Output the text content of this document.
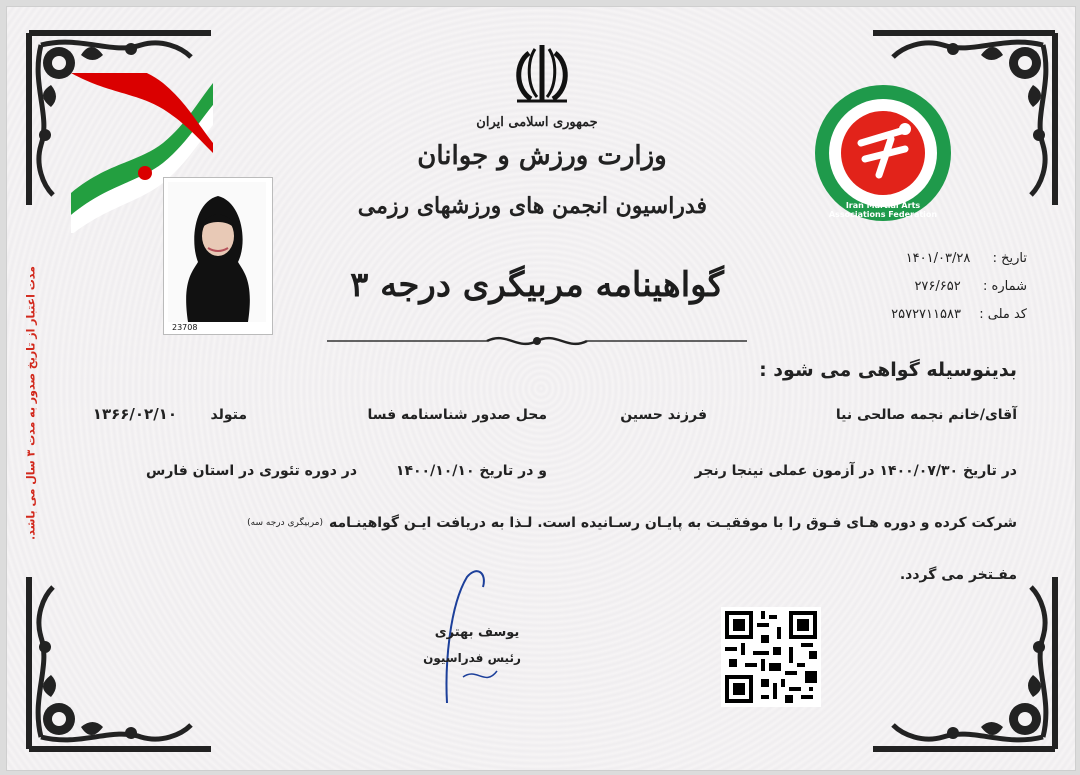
مدت اعتبار از تاریخ صدور به مدت ۳ سال می باشد.
جمهوری اسلامی ایران
وزارت ورزش و جوانان
فدراسیون انجمن های ورزشهای رزمی	Iran Martial Arts Associations Federation
تاریخ :  ۱۴۰۱/۰۳/۲۸
شماره :  ۲۷۶/۶۵۲
کد ملی :  ۲۵۷۲۷۱۱۵۸۳
23708
گواهینامه مربیگری درجه ۳
بدینوسیله گواهی می شود :
آقای/خانم نجمه صالحی نیا
فرزند حسین
محل صدور شناسنامه فسا
متولد
۱۳۶۶/۰۲/۱۰
در تاریخ ۱۴۰۰/۰۷/۳۰ در آزمون عملی نینجا رنجر
و در تاریخ ۱۴۰۰/۱۰/۱۰
در دوره تئوری در استان فارس
شرکت کرده و دوره هـای فـوق را با موفقیـت به پایـان رسـانیده است. لـذا به دریافت ایـن گواهینـامه
(مربیگری درجه سه)
مفـتخر می گردد.
یوسف بهتری
رئیس فدراسیون
